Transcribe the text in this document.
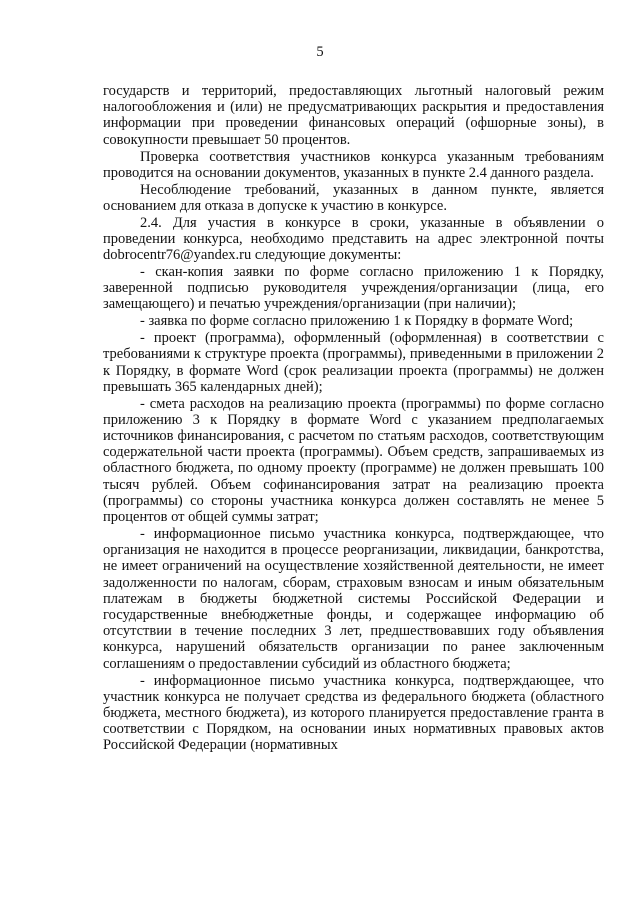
5

государств и территорий, предоставляющих льготный налоговый режим налогообложения и (или) не предусматривающих раскрытия и предоставления информации при проведении финансовых операций (офшорные зоны), в совокупности превышает 50 процентов.

Проверка соответствия участников конкурса указанным требованиям проводится на основании документов, указанных в пункте 2.4 данного раздела.

Несоблюдение требований, указанных в данном пункте, является основанием для отказа в допуске к участию в конкурсе.

2.4. Для участия в конкурсе в сроки, указанные в объявлении о проведении конкурса, необходимо представить на адрес электронной почты dobrocentr76@yandex.ru следующие документы:

- скан-копия заявки по форме согласно приложению 1 к Порядку, заверенной подписью руководителя учреждения/организации (лица, его замещающего) и печатью учреждения/организации (при наличии);

- заявка по форме согласно приложению 1 к Порядку в формате Word;

- проект (программа), оформленный (оформленная) в соответствии с требованиями к структуре проекта (программы), приведенными в приложении 2 к Порядку, в формате Word (срок реализации проекта (программы) не должен превышать 365 календарных дней);

- смета расходов на реализацию проекта (программы) по форме согласно приложению 3 к Порядку в формате Word с указанием предполагаемых источников финансирования, с расчетом по статьям расходов, соответствующим содержательной части проекта (программы). Объем средств, запрашиваемых из областного бюджета, по одному проекту (программе) не должен превышать 100 тысяч рублей. Объем софинансирования затрат на реализацию проекта (программы) со стороны участника конкурса должен составлять не менее 5 процентов от общей суммы затрат;

- информационное письмо участника конкурса, подтверждающее, что организация не находится в процессе реорганизации, ликвидации, банкротства, не имеет ограничений на осуществление хозяйственной деятельности, не имеет задолженности по налогам, сборам, страховым взносам и иным обязательным платежам в бюджеты бюджетной системы Российской Федерации и государственные внебюджетные фонды, и содержащее информацию об отсутствии в течение последних 3 лет, предшествовавших году объявления конкурса, нарушений обязательств организации по ранее заключенным соглашениям о предоставлении субсидий из областного бюджета;

- информационное письмо участника конкурса, подтверждающее, что участник конкурса не получает средства из федерального бюджета (областного бюджета, местного бюджета), из которого планируется предоставление гранта в соответствии с Порядком, на основании иных нормативных правовых актов Российской Федерации (нормативных
